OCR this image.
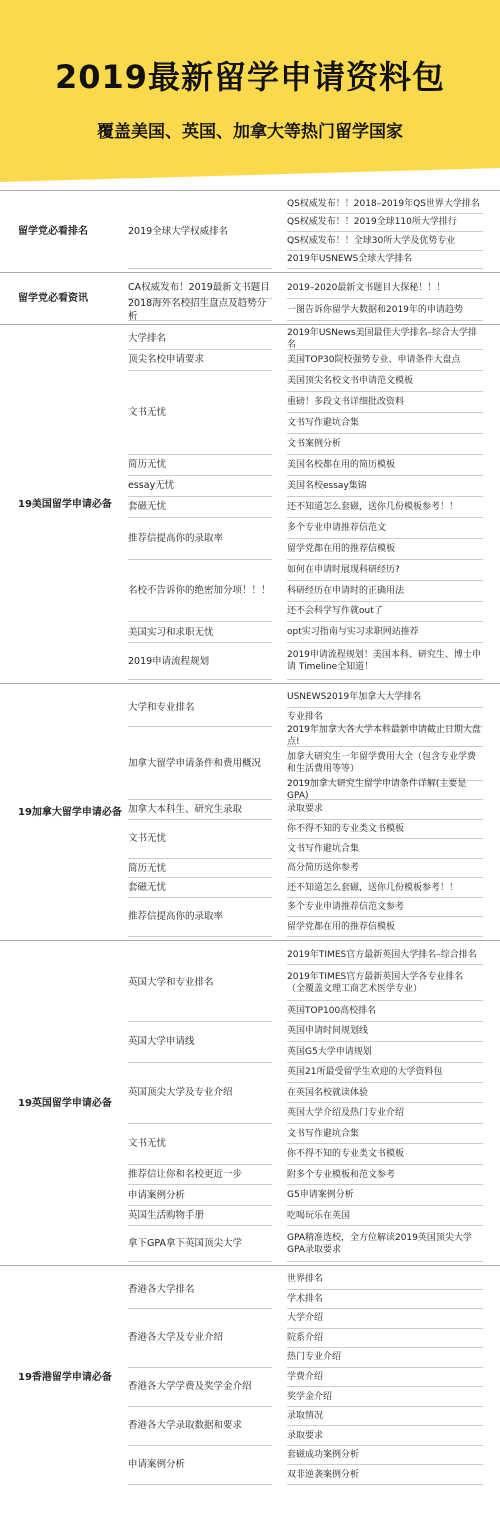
2019最新留学申请资料包
覆盖美国、英国、加拿大等热门留学国家
留学党必看排名
QS权威发布！！2018–2019年QS世界大学排名
QS权威发布！！2019全球110所大学排行
QS权威发布！！全球30所大学及优势专业
2019年USNEWS全球大学排名
2019全球大学权威排名
留学党必看资讯
2019–2020最新文书题目大探秘！！！
CA权威发布！2019最新文书题目
一图告诉你留学大数据和2019年的申请趋势
2018海外名校招生盘点及趋势分析
19美国留学申请必备
2019年USNews美国最佳大学排名–综合大学排名
大学排名
美国TOP30院校强势专业、申请条件大盘点
顶尖名校申请要求
美国顶尖名校文书申请范文模板
重磅！多段文书详细批改资料
文书写作避坑合集
文书案例分析
文书无忧
美国名校都在用的简历模板
简历无忧
美国名校essay集锦
essay无忧
还不知道怎么套磁，送你几份模板参考！！
套磁无忧
多个专业申请推荐信范文
留学党都在用的推荐信模板
推荐信提高你的录取率
如何在申请时展现科研经历?
科研经历在申请时的正确用法
还不会科学写作就out了
名校不告诉你的绝密加分项！！！
opt实习指南与实习求职网站推荐
美国实习和求职无忧
2019申请流程规划！美国本科、研究生、博士申请 Timeline全知道！
2019申请流程规划
19加拿大留学申请必备
USNEWS2019年加拿大大学排名
专业排名
大学和专业排名
2019年加拿大各大学本科最新申请截止日期大盘点!
加拿大研究生一年留学费用大全（包含专业学费和生活费用等等）
2019加拿大研究生留学申请条件详解(主要是GPA)
加拿大留学申请条件和费用概况
录取要求
加拿大本科生、研究生录取
你不得不知的专业类文书模板
文书写作避坑合集
文书无忧
高分简历送你参考
简历无忧
还不知道怎么套磁，送你几份模板参考！！
套磁无忧
多个专业申请推荐信范文参考
留学党都在用的推荐信模板
推荐信提高你的录取率
19英国留学申请必备
2019年TIMES官方最新英国大学排名–综合排名
2019年TIMES官方最新英国大学各专业排名（全覆盖文理工商艺术医学专业）
英国TOP100高校排名
英国大学和专业排名
英国申请时间规划线
英国G5大学申请规划
英国大学申请线
英国21所最受留学生欢迎的大学资料包
在英国名校就读体验
英国大学介绍及热门专业介绍
英国顶尖大学及专业介绍
文书写作避坑合集
你不得不知的专业类文书模板
文书无忧
附多个专业模板和范文参考
推荐信让你和名校更近一步
G5申请案例分析
申请案例分析
吃喝玩乐在英国
英国生活购物手册
GPA精准选校，全方位解读2019英国顶尖大学GPA录取要求
拿下GPA拿下英国顶尖大学
19香港留学申请必备
世界排名
学术排名
香港各大学排名
大学介绍
院系介绍
热门专业介绍
香港各大学及专业介绍
学费介绍
奖学金介绍
香港各大学学费及奖学金介绍
录取情况
录取要求
香港各大学录取数据和要求
套磁成功案例分析
双非逆袭案例分析
申请案例分析
